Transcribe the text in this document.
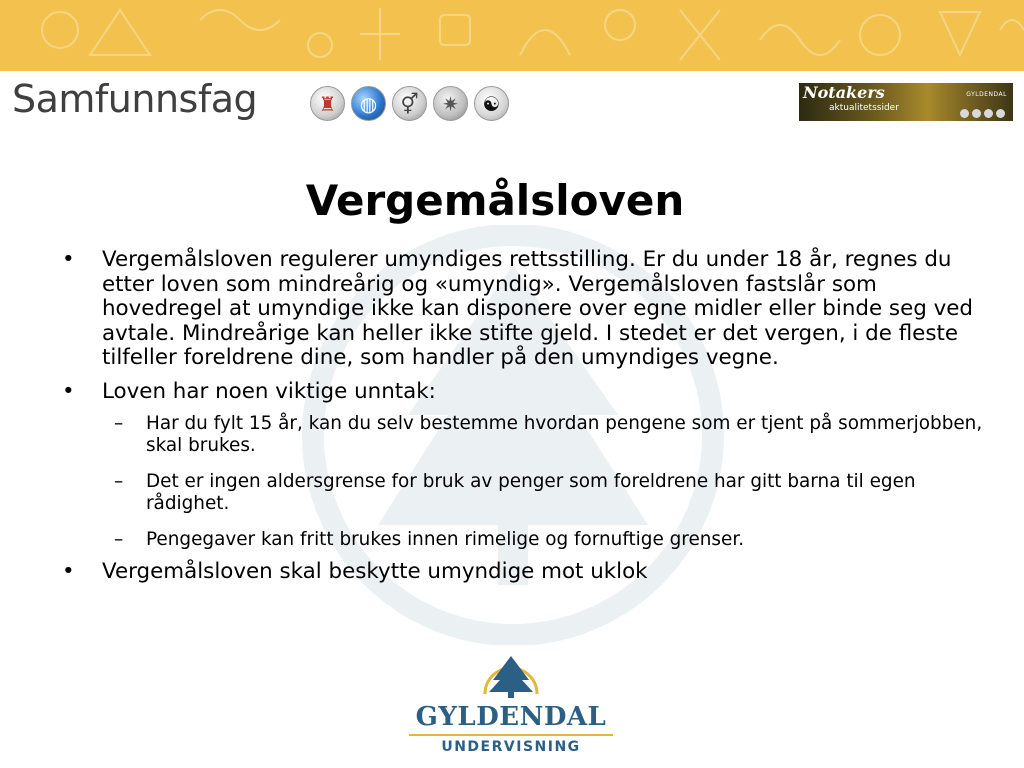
Samfunnsfag	♜	◍	⚥	✷	☯	Notakers
aktualitetssider
GYLDENDAL
Vergemålsloven
• Vergemålsloven regulerer umyndiges rettsstilling. Er du under 18 år, regnes du etter loven som mindreårig og «umyndig». Vergemålsloven fastslår som hovedregel at umyndige ikke kan disponere over egne midler eller binde seg ved avtale. Mindreårige kan heller ikke stifte gjeld. I stedet er det vergen, i de fleste tilfeller foreldrene dine, som handler på den umyndiges vegne.
• Loven har noen viktige unntak:
– Har du fylt 15 år, kan du selv bestemme hvordan pengene som er tjent på sommerjobben, skal brukes.
– Det er ingen aldersgrense for bruk av penger som foreldrene har gitt barna til egen rådighet.
– Pengegaver kan fritt brukes innen rimelige og fornuftige grenser.
• Vergemålsloven skal beskytte umyndige mot uklok
GYLDENDAL
UNDERVISNING
